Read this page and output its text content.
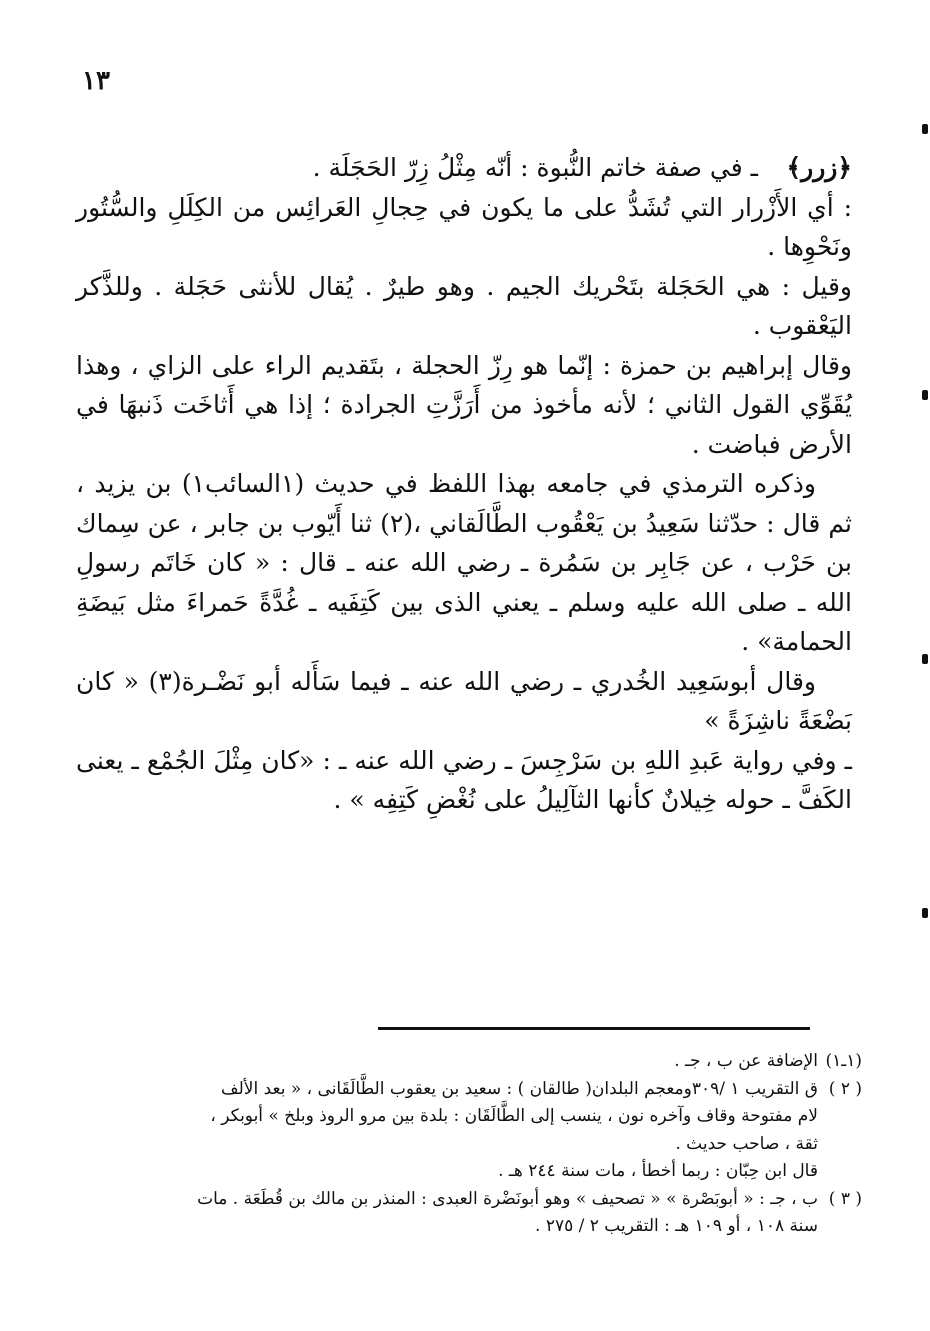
١٣
﴿زرر﴾

ـ في صفة خاتم النُّبوة : أنّه مِثْلُ زِرّ الحَجَلَة .

: أي الأَزْرار التي تُشَدُّ على ما يكون في حِجالِ العَرائِس من الكِلَلِ والسُّتُور ونَحْوِها .

وقيل : هي الحَجَلة بتَحْريك الجيم . وهو طيرٌ . يُقال للأنثى حَجَلة . وللذَّكر اليَعْقوب .

وقال إبراهيم بن حمزة : إنّما هو رِزّ الحجلة ، بتَقديم الراء على الزاي ، وهذا يُقَوِّي القول الثاني ؛ لأنه مأخوذ من أَرَزَّتِ الجرادة ؛ إذا هي أَثاخَت ذَنبهَا في الأرض فباضت .

وذكره الترمذي في جامعه بهذا اللفظ في حديث (١السائب١) بن يزيد ، ثم قال : حدّثنا سَعِيدُ بن يَعْقُوب الطَّالَقاني ،(٢) ثنا أَيّوب بن جابر ، عن سِماك بن حَرْب ، عن جَابِر بن سَمُرة ـ رضي الله عنه ـ قال : « كان خَاتَم رسولِ الله ـ صلى الله عليه وسلم ـ يعني الذى بين كَتِفَيه ـ غُدَّةً حَمراءَ مثل بَيضَةِ الحمامة» .

وقال أبوسَعِيد الخُدري ـ رضي الله عنه ـ فيما سَأَله أبو نَضْـرة(٣) « كان بَضْعَةً ناشِزَةً »

ـ وفي رواية عَبدِ اللهِ بن سَرْجِسَ ـ رضي الله عنه ـ : «كان مِثْلَ الجُمْع ـ يعنى الكَفَّ ـ حوله خِيلانٌ كأنها الثآلِيلُ على نُغْضِ كَتِفِه » .

(١ـ١)

الإضافة عن ب ، جـ .

( ٢ )

ق التقريب ١ /٣٠٩ومعجم البلدان( طالقان ) : سعيد بن يعقوب الطَّالَقَانى ، « بعد الألف

لام مفتوحة وقاف وآخره نون ، ينسب إلى الطَّالَقَان : بلدة بين مرو الروذ وبلخ » أبوبكر ،

ثقة ، صاحب حديث .

قال ابن حِبّان : ربما أخطأ ، مات سنة ٢٤٤ هـ .

( ٣ )

ب ، جـ : « أبوبَصْرة » « تصحيف » وهو أبونَضْرة العبدى : المنذر بن مالك بن قُطَعَة . مات

سنة ١٠٨ ، أو ١٠٩ هـ : التقريب ٢ / ٢٧٥ .
